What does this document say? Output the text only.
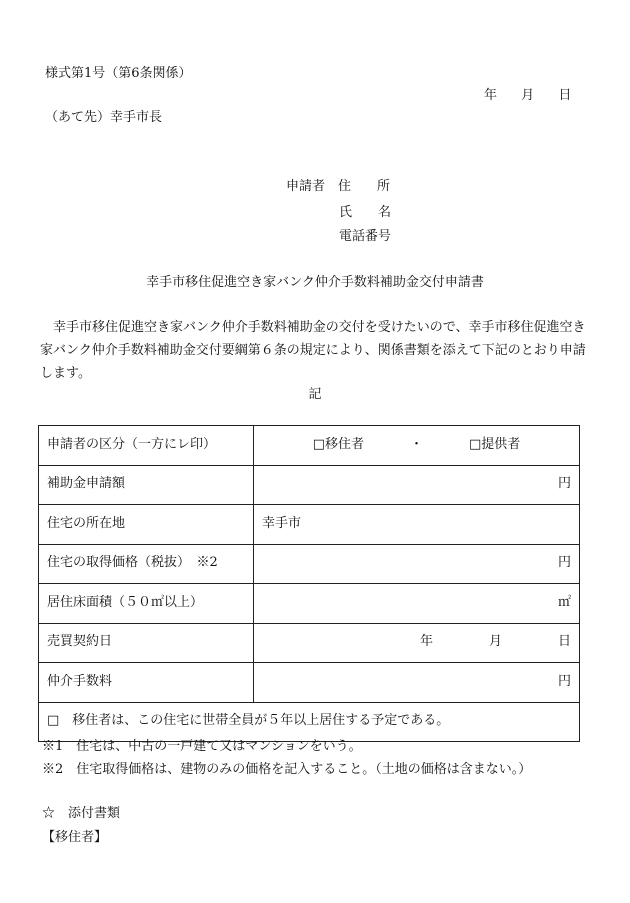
様式第1号（第6条関係）
年 月 日
（あて先）幸手市長
申請者 住　　所
氏　　名
電話番号
幸手市移住促進空き家バンク仲介手数料補助金交付申請書
幸手市移住促進空き家バンク仲介手数料補助金の交付を受けたいので、幸手市移住促進空き家バンク仲介手数料補助金交付要綱第６条の規定により、関係書類を添えて下記のとおり申請します。
記
申請者の区分（一方にレ印）	□移住者 ・ □提供者
補助金申請額	円
住宅の所在地	幸手市
住宅の取得価格（税抜）　※2	円
居住床面積（５０㎡以上）	㎡
売買契約日	年 月 日
仲介手数料	円
□　移住者は、この住宅に世帯全員が５年以上居住する予定である。	
※1　住宅は、中古の一戸建て又はマンションをいう。
※2　住宅取得価格は、建物のみの価格を記入すること。（土地の価格は含まない。）
☆　添付書類
【移住者】
